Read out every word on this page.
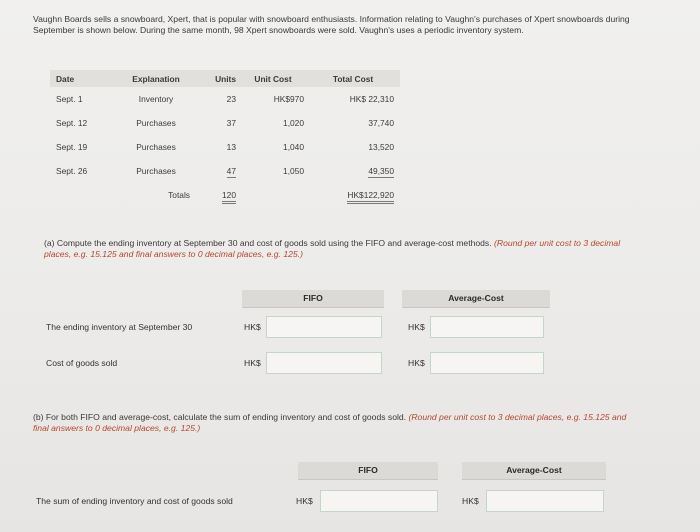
Vaughn Boards sells a snowboard, Xpert, that is popular with snowboard enthusiasts. Information relating to Vaughn's purchases of Xpert snowboards during September is shown below. During the same month, 98 Xpert snowboards were sold. Vaughn's uses a periodic inventory system.
Date	Explanation	Units	Unit Cost	Total Cost
Sept. 1	Inventory	23	HK$970	HK$ 22,310
Sept. 12	Purchases	37	1,020	37,740
Sept. 19	Purchases	13	1,040	13,520
Sept. 26	Purchases	47	1,050	49,350
	Totals	120		HK$122,920
(a) Compute the ending inventory at September 30 and cost of goods sold using the FIFO and average-cost methods. (Round per unit cost to 3 decimal places, e.g. 15.125 and final answers to 0 decimal places, e.g. 125.)
FIFO	Average-Cost
The ending inventory at September 30	HK$	HK$
Cost of goods sold	HK$	HK$
(b) For both FIFO and average-cost, calculate the sum of ending inventory and cost of goods sold. (Round per unit cost to 3 decimal places, e.g. 15.125 and final answers to 0 decimal places, e.g. 125.)
FIFO	Average-Cost
The sum of ending inventory and cost of goods sold	HK$	HK$
